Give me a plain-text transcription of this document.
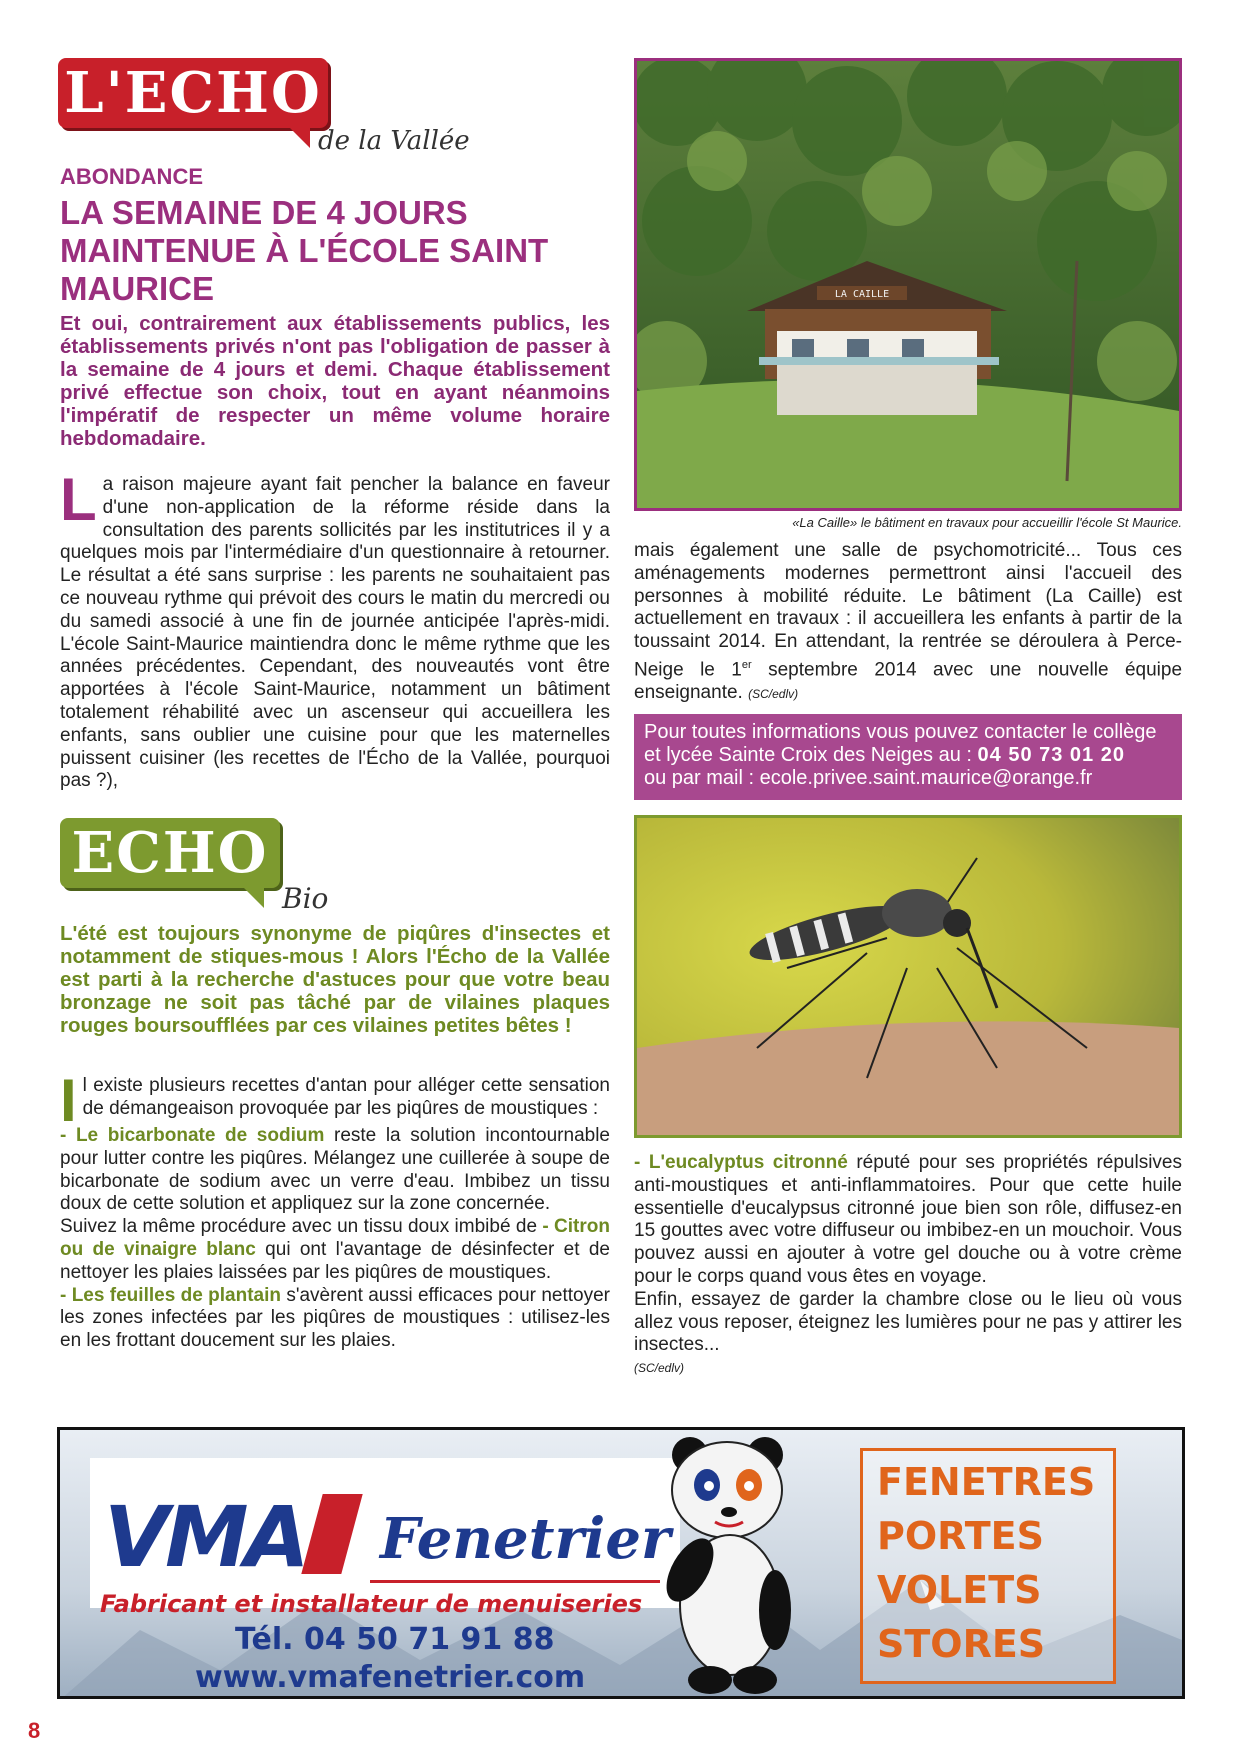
L'ECHO
de la Vallée
ABONDANCE
LA SEMAINE DE 4 JOURS MAINTENUE À L'ÉCOLE SAINT MAURICE
Et oui, contrairement aux établissements publics, les établissements privés n'ont pas l'obligation de passer à la semaine de 4 jours et demi. Chaque établissement privé effectue son choix, tout en ayant néanmoins l'impératif de respecter un même volume horaire hebdomadaire.
La raison majeure ayant fait pencher la balance en faveur d'une non-application de la réforme réside dans la consultation des parents sollicités par les institutrices il y a quelques mois par l'intermédiaire d'un questionnaire à retourner. Le résultat a été sans surprise : les parents ne souhaitaient pas ce nouveau rythme qui prévoit des cours le matin du mercredi ou du samedi associé à une fin de journée anticipée l'après-midi. L'école Saint-Maurice maintiendra donc le même rythme que les années précédentes. Cependant, des nouveautés vont être apportées à l'école Saint-Maurice, notamment un bâtiment totalement réhabilité avec un ascenseur qui accueillera les enfants, sans oublier une cuisine pour que les maternelles puissent cuisiner (les recettes de l'Écho de la Vallée, pourquoi pas ?),
LA CAILLE
«La Caille» le bâtiment en travaux pour accueillir l'école St Maurice.
mais également une salle de psychomotricité... Tous ces aménagements modernes permettront ainsi l'accueil des personnes à mobilité réduite. Le bâtiment (La Caille) est actuellement en travaux : il accueillera les enfants à partir de la toussaint 2014. En attendant, la rentrée se déroulera à Perce-Neige le 1er septembre 2014 avec une nouvelle équipe enseignante. (SC/edlv)
Pour toutes informations vous pouvez contacter le collège et lycée Sainte Croix des Neiges au : 04 50 73 01 20
ou par mail : ecole.privee.saint.maurice@orange.fr
ECHO
Bio
L'été est toujours synonyme de piqûres d'insectes et notamment de stiques-mous ! Alors l'Écho de la Vallée est parti à la recherche d'astuces pour que votre beau bronzage ne soit pas tâché par de vilaines plaques rouges boursoufflées par ces vilaines petites bêtes !
Il existe plusieurs recettes d'antan pour alléger cette sensation de démangeaison provoquée par les piqûres de moustiques :
- Le bicarbonate de sodium reste la solution incontournable pour lutter contre les piqûres. Mélangez une cuillerée à soupe de bicarbonate de sodium avec un verre d'eau. Imbibez un tissu doux de cette solution et appliquez sur la zone concernée.
Suivez la même procédure avec un tissu doux imbibé de - Citron ou de vinaigre blanc qui ont l'avantage de désinfecter et de nettoyer les plaies laissées par les piqûres de moustiques.
- Les feuilles de plantain s'avèrent aussi efficaces pour nettoyer les zones infectées par les piqûres de moustiques : utilisez-les en les frottant doucement sur les plaies.
- L'eucalyptus citronné réputé pour ses propriétés répulsives anti-moustiques et anti-inflammatoires. Pour que cette huile essentielle d'eucalypsus citronné joue bien son rôle, diffusez-en 15 gouttes avec votre diffuseur ou imbibez-en un mouchoir. Vous pouvez aussi en ajouter à votre gel douche ou à votre crème pour le corps quand vous êtes en voyage.
Enfin, essayez de garder la chambre close ou le lieu où vous allez vous reposer, éteignez les lumières pour ne pas y attirer les insectes...
(SC/edlv)
VMA Fenetrier
Fabricant et installateur de menuiseries
Tél. 04 50 71 91 88
www.vmafenetrier.com
FENETRES
PORTES
VOLETS
STORES
8
